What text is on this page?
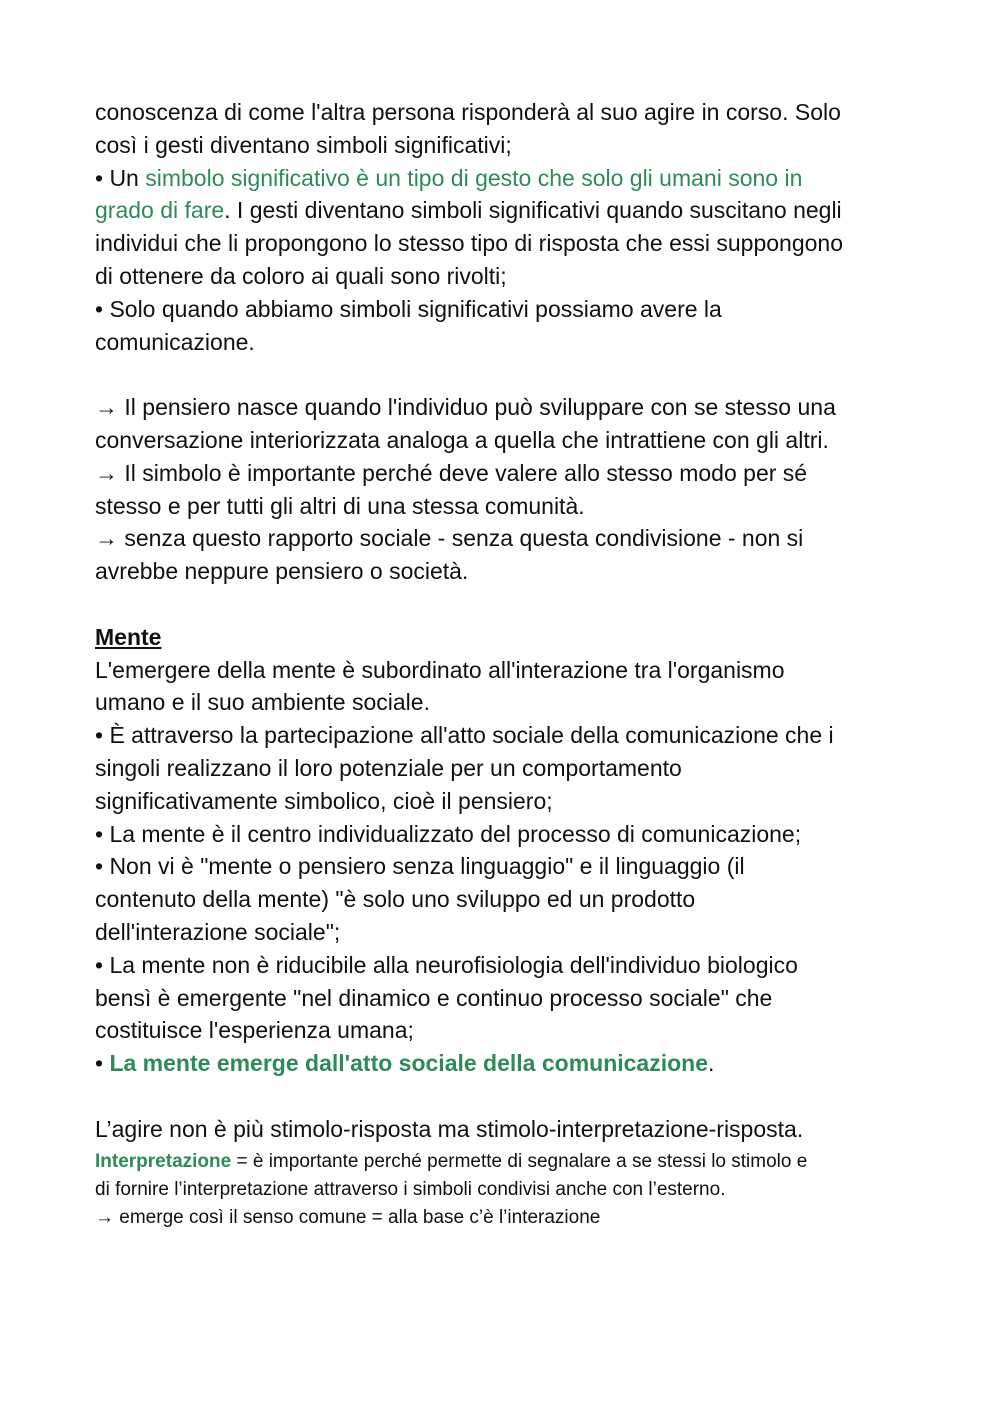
conoscenza di come l'altra persona risponderà al suo agire in corso. Solo
così i gesti diventano simboli significativi;
• Un simbolo significativo è un tipo di gesto che solo gli umani sono in
grado di fare. I gesti diventano simboli significativi quando suscitano negli
individui che li propongono lo stesso tipo di risposta che essi suppongono
di ottenere da coloro ai quali sono rivolti;
• Solo quando abbiamo simboli significativi possiamo avere la
comunicazione.
→ Il pensiero nasce quando l'individuo può sviluppare con se stesso una
conversazione interiorizzata analoga a quella che intrattiene con gli altri.
→ Il simbolo è importante perché deve valere allo stesso modo per sé
stesso e per tutti gli altri di una stessa comunità.
→ senza questo rapporto sociale - senza questa condivisione - non si
avrebbe neppure pensiero o società.
Mente
L'emergere della mente è subordinato all'interazione tra l'organismo
umano e il suo ambiente sociale.
• È attraverso la partecipazione all'atto sociale della comunicazione che i
singoli realizzano il loro potenziale per un comportamento
significativamente simbolico, cioè il pensiero;
• La mente è il centro individualizzato del processo di comunicazione;
• Non vi è "mente o pensiero senza linguaggio" e il linguaggio (il
contenuto della mente) "è solo uno sviluppo ed un prodotto
dell'interazione sociale";
• La mente non è riducibile alla neurofisiologia dell'individuo biologico
bensì è emergente "nel dinamico e continuo processo sociale" che
costituisce l'esperienza umana;
• La mente emerge dall'atto sociale della comunicazione.
L’agire non è più stimolo-risposta ma stimolo-interpretazione-risposta.
Interpretazione = è importante perché permette di segnalare a se stessi lo stimolo e
di fornire l’interpretazione attraverso i simboli condivisi anche con l’esterno.
→ emerge così il senso comune = alla base c’è l’interazione
